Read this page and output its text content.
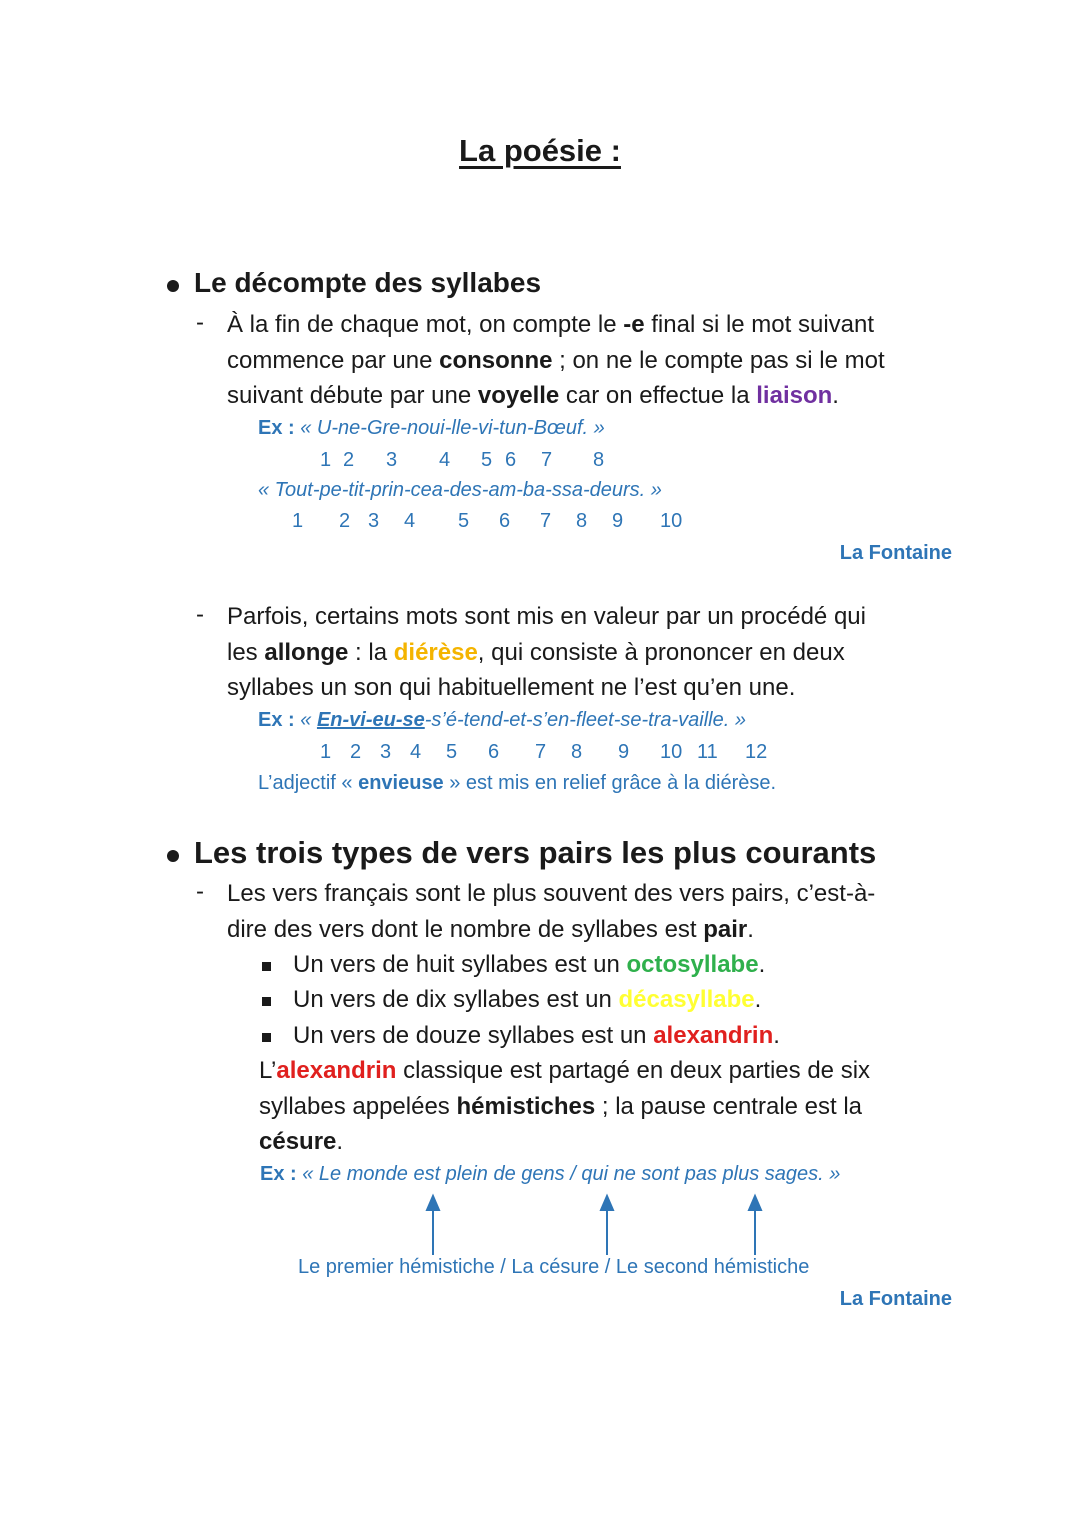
La poésie :
Le décompte des syllabes
- À la fin de chaque mot, on compte le -e final si le mot suivant
commence par une consonne ; on ne le compte pas si le mot
suivant débute par une voyelle car on effectue la liaison.
Ex : « U-ne-Gre-noui-lle-vi-tun-Bœuf. »
1 2 3 4 5 6 7 8
« Tout-pe-tit-prin-cea-des-am-ba-ssa-deurs. »
1 2 3 4 5 6 7 8 9 10
La Fontaine
- Parfois, certains mots sont mis en valeur par un procédé qui
les allonge : la diérèse, qui consiste à prononcer en deux
syllabes un son qui habituellement ne l’est qu’en une.
Ex : « En-vi-eu-se-s’é-tend-et-s’en-fleet-se-tra-vaille. »
1 2 3 4 5 6 7 8 9 10 11 12
L’adjectif « envieuse » est mis en relief grâce à la diérèse.
Les trois types de vers pairs les plus courants
- Les vers français sont le plus souvent des vers pairs, c’est-à-
dire des vers dont le nombre de syllabes est pair.
Un vers de huit syllabes est un octosyllabe.
Un vers de dix syllabes est un décasyllabe.
Un vers de douze syllabes est un alexandrin.
L’alexandrin classique est partagé en deux parties de six
syllabes appelées hémistiches ; la pause centrale est la
césure.
Ex : « Le monde est plein de gens / qui ne sont pas plus sages. »
Le premier hémistiche / La césure / Le second hémistiche
La Fontaine
